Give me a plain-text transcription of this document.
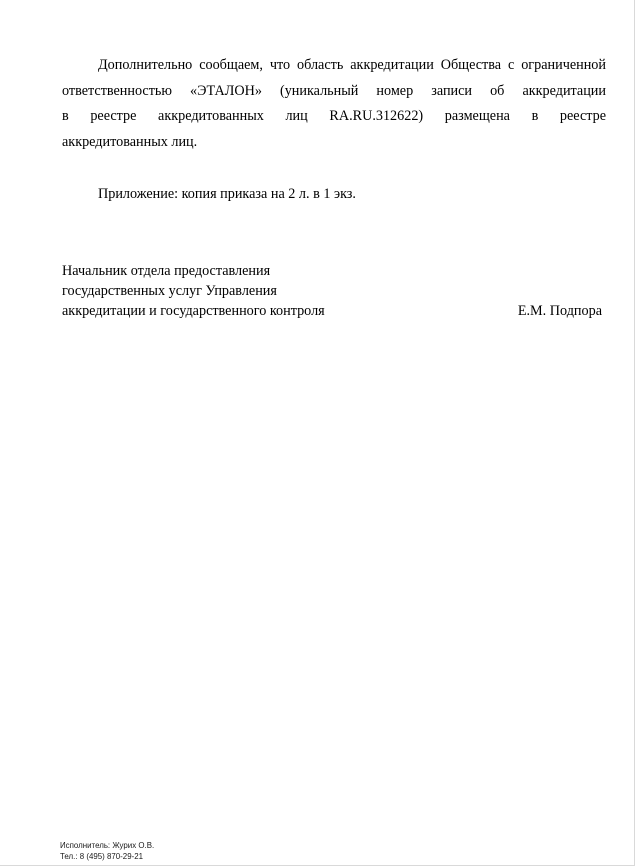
Дополнительно сообщаем, что область аккредитации Общества с ограниченной
ответственностью «ЭТАЛОН» (уникальный номер записи об аккредитации
в реестре аккредитованных лиц RA.RU.312622) размещена в реестре
аккредитованных лиц.
Приложение: копия приказа на 2 л. в 1 экз.
Начальник отдела предоставления
государственных услуг Управления
аккредитации и государственного контроля	Е.М. Подпора
Исполнитель: Журих О.В.
Тел.: 8 (495) 870-29-21
